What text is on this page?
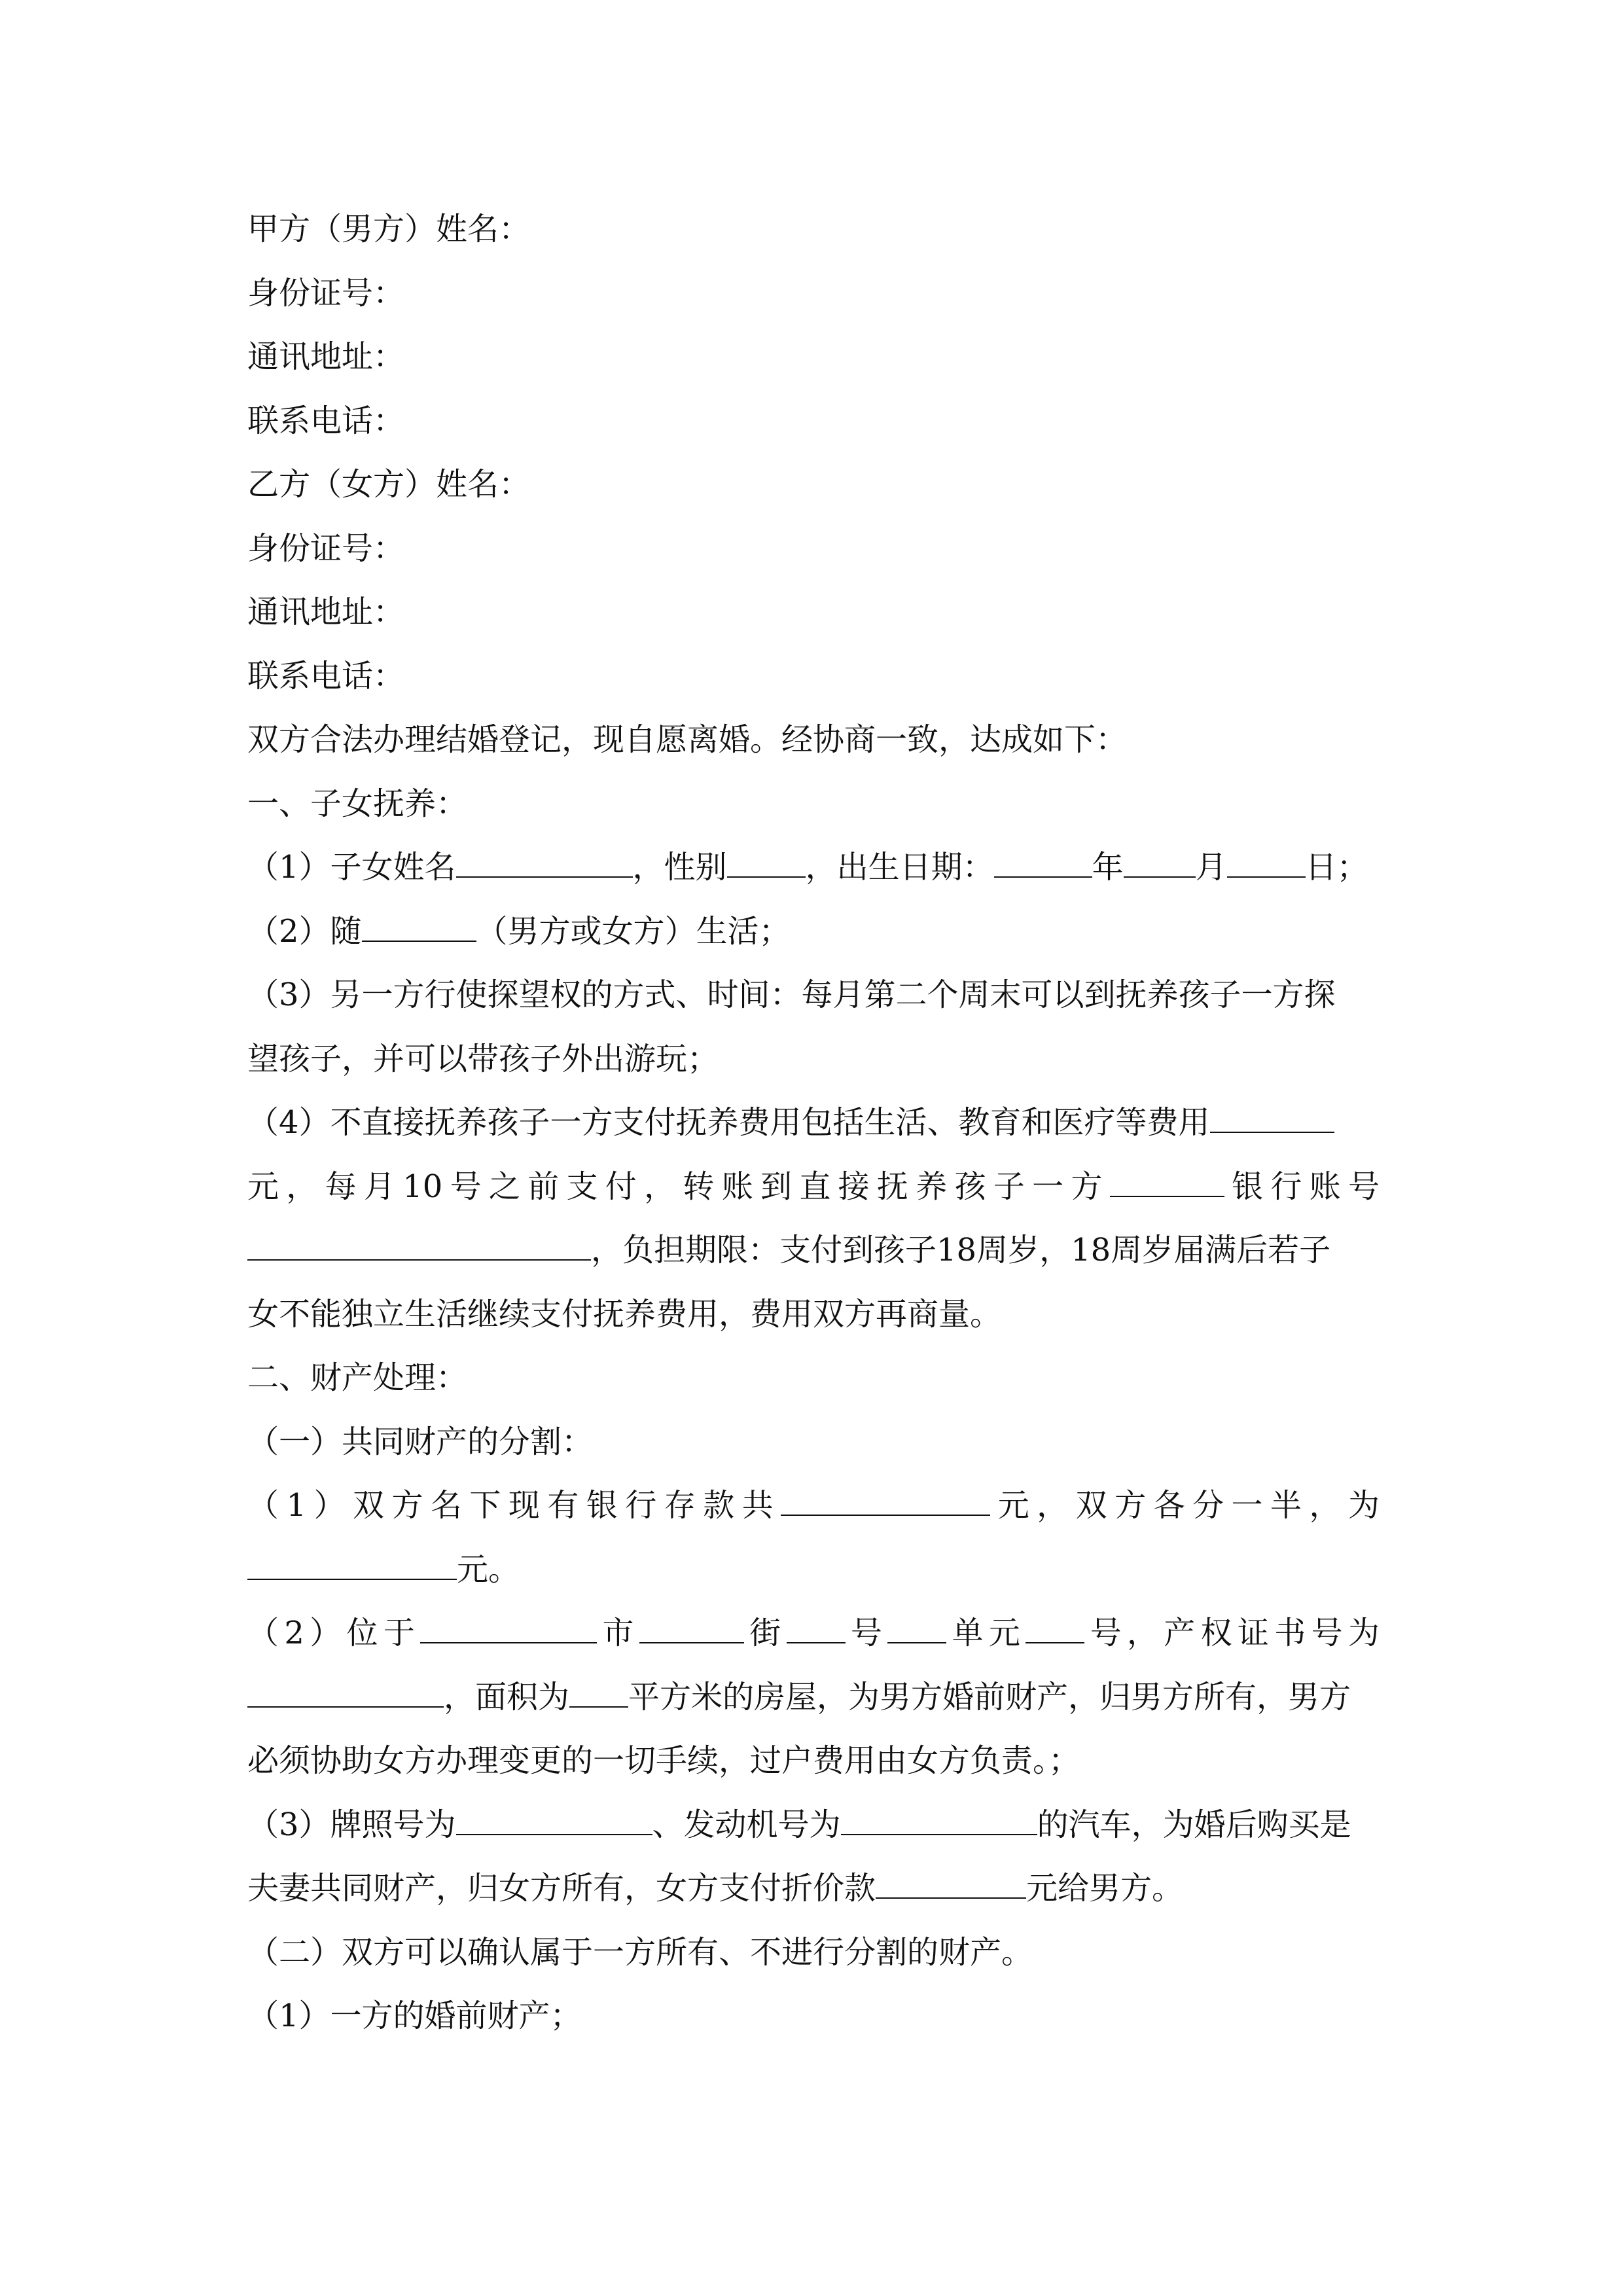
甲方（男方）姓名：
身份证号：
通讯地址：
联系电话：
乙方（女方）姓名：
身份证号：
通讯地址：
联系电话：
双方合法办理结婚登记，现自愿离婚。经协商一致，达成如下：
一、子女抚养：
（1）子女姓名	，性别	，出生日期：	年 月	日；
（2）随	（男方或女方）生活；
（3）另一方行使探望权的方式、时间：每月第二个周末可以到抚养孩子一方探
望孩子，并可以带孩子外出游玩；
（4）不直接抚养孩子一方支付抚养费用包括生活、教育和医疗等费用
元，每月10号之前支付，转账到直接抚养孩子一方	银行账号
，负担期限：支付到孩子18周岁，18周岁届满后若子
女不能独立生活继续支付抚养费用，费用双方再商量。
二、财产处理：
（一）共同财产的分割：
（1）双方名下现有银行存款共	元，双方各分一半，为
元。
（2）位于	市	街 号 单元 号，产权证书号为
，面积为 平方米的房屋，为男方婚前财产，归男方所有，男方
必须协助女方办理变更的一切手续，过户费用由女方负责。；
（3）牌照号为	、发动机号为	的汽车，为婚后购买是
夫妻共同财产，归女方所有，女方支付折价款	元给男方。
（二）双方可以确认属于一方所有、不进行分割的财产。
（1）一方的婚前财产；
